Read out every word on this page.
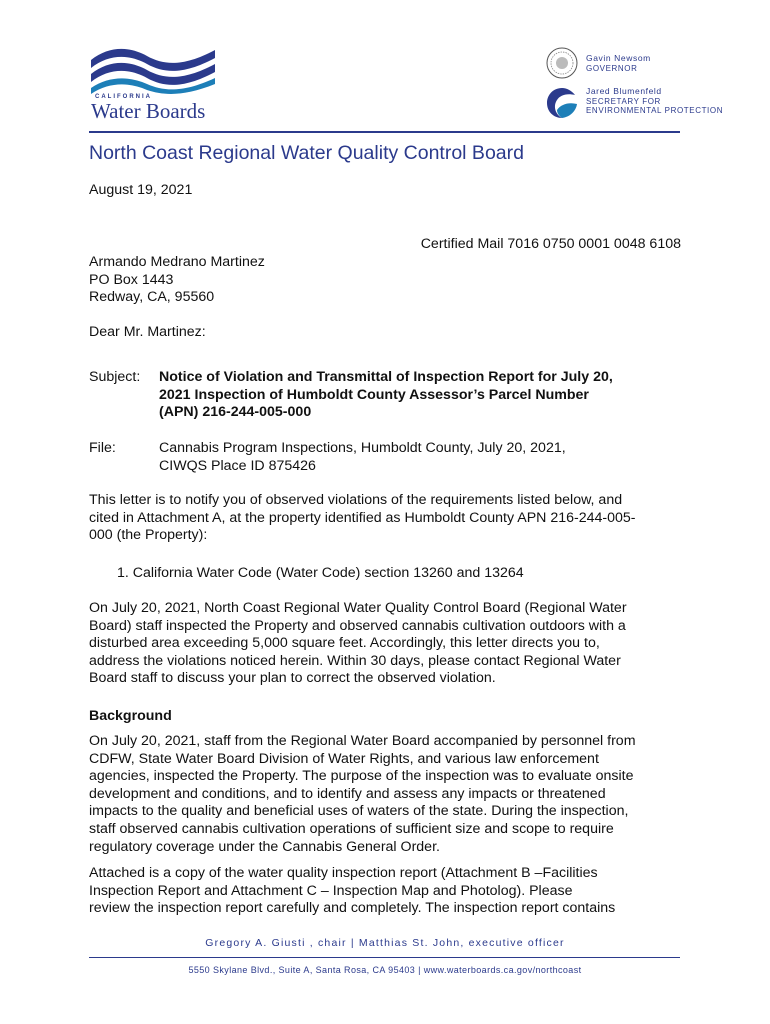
CALIFORNIA
Water Boards
Gavin Newsom
GOVERNOR
Jared Blumenfeld
SECRETARY FOR
ENVIRONMENTAL PROTECTION
North Coast Regional Water Quality Control Board
August 19, 2021
Certified Mail 7016 0750 0001 0048 6108
Armando Medrano Martinez
PO Box 1443
Redway, CA, 95560
Dear Mr. Martinez:
Subject:	Notice of Violation and Transmittal of Inspection Report for July 20,
2021 Inspection of Humboldt County Assessor’s Parcel Number
(APN) 216-244-005-000
File:	Cannabis Program Inspections, Humboldt County, July 20, 2021,
CIWQS Place ID 875426
This letter is to notify you of observed violations of the requirements listed below, and
cited in Attachment A, at the property identified as Humboldt County APN 216-244-005-
000 (the Property):
1. California Water Code (Water Code) section 13260 and 13264
On July 20, 2021, North Coast Regional Water Quality Control Board (Regional Water
Board) staff inspected the Property and observed cannabis cultivation outdoors with a
disturbed area exceeding 5,000 square feet. Accordingly, this letter directs you to,
address the violations noticed herein. Within 30 days, please contact Regional Water
Board staff to discuss your plan to correct the observed violation.
Background
On July 20, 2021, staff from the Regional Water Board accompanied by personnel from
CDFW, State Water Board Division of Water Rights, and various law enforcement
agencies, inspected the Property. The purpose of the inspection was to evaluate onsite
development and conditions, and to identify and assess any impacts or threatened
impacts to the quality and beneficial uses of waters of the state. During the inspection,
staff observed cannabis cultivation operations of sufficient size and scope to require
regulatory coverage under the Cannabis General Order.
Attached is a copy of the water quality inspection report (Attachment B –Facilities
Inspection Report and Attachment C – Inspection Map and Photolog). Please
review the inspection report carefully and completely. The inspection report contains
Gregory A. Giusti , chair | Matthias St. John, executive officer
5550 Skylane Blvd., Suite A, Santa Rosa, CA 95403 | www.waterboards.ca.gov/northcoast
